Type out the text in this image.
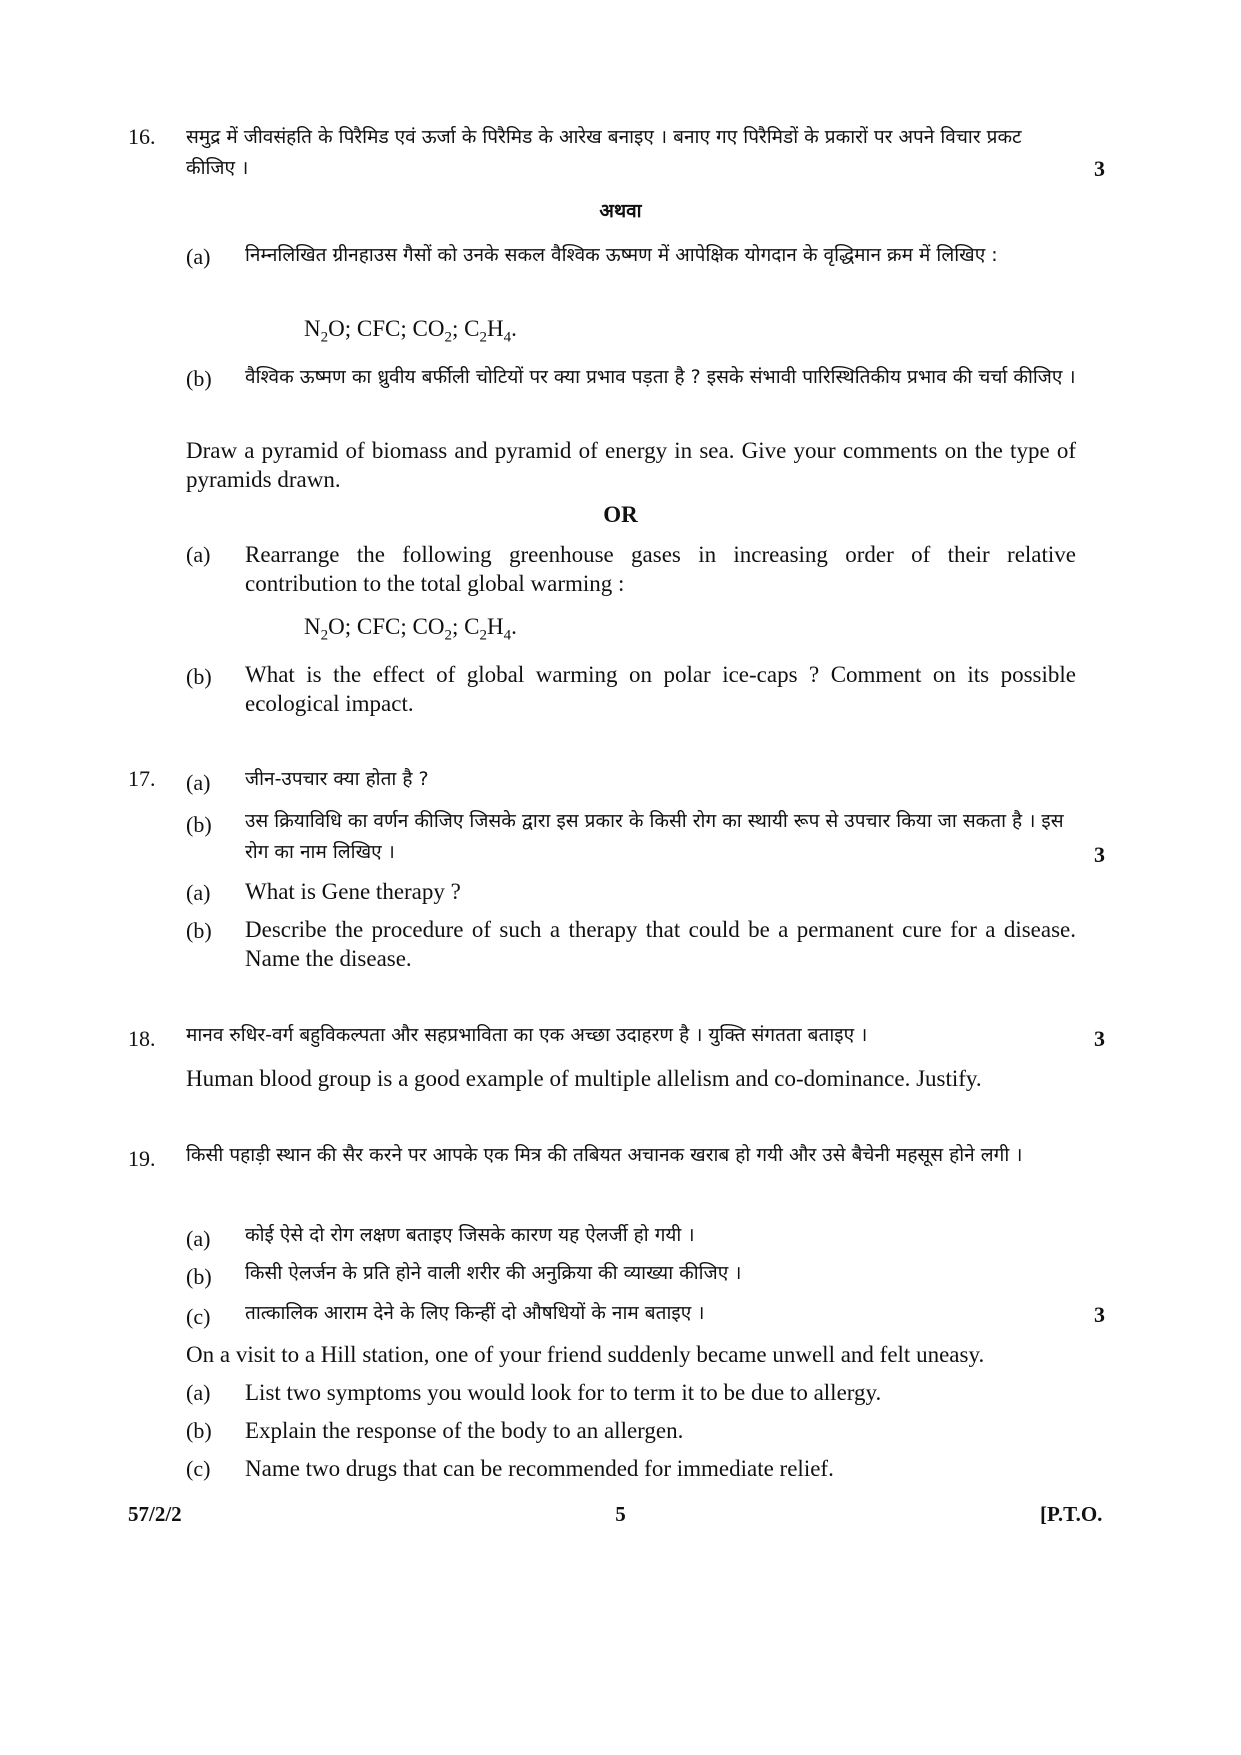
16. समुद्र में जीवसंहति के पिरैमिड एवं ऊर्जा के पिरैमिड के आरेख बनाइए । बनाए गए पिरैमिडों के प्रकारों पर अपने विचार प्रकट कीजिए ।	3
अथवा
(a) निम्नलिखित ग्रीनहाउस गैसों को उनके सकल वैश्विक ऊष्मण में आपेक्षिक योगदान के वृद्धिमान क्रम में लिखिए :
$N_2O$; CFC; $CO_2$; $C_2H_4$.
(b) वैश्विक ऊष्मण का ध्रुवीय बर्फीली चोटियों पर क्या प्रभाव पड़ता है ? इसके संभावी पारिस्थितिकीय प्रभाव की चर्चा कीजिए ।
Draw a pyramid of biomass and pyramid of energy in sea. Give your comments on the type of pyramids drawn.
OR
(a) Rearrange the following greenhouse gases in increasing order of their relative contribution to the total global warming :
$N_2O$; CFC; $CO_2$; $C_2H_4$.
(b) What is the effect of global warming on polar ice-caps ? Comment on its possible ecological impact.
17. (a) जीन-उपचार क्या होता है ?
(b) उस क्रियाविधि का वर्णन कीजिए जिसके द्वारा इस प्रकार के किसी रोग का स्थायी रूप से उपचार किया जा सकता है । इस रोग का नाम लिखिए ।	3
(a) What is Gene therapy ?
(b) Describe the procedure of such a therapy that could be a permanent cure for a disease. Name the disease.
18. मानव रुधिर-वर्ग बहुविकल्पता और सहप्रभाविता का एक अच्छा उदाहरण है । युक्ति संगतता बताइए ।	3
Human blood group is a good example of multiple allelism and co-dominance. Justify.
19. किसी पहाड़ी स्थान की सैर करने पर आपके एक मित्र की तबियत अचानक खराब हो गयी और उसे बैचेनी महसूस होने लगी ।
(a) कोई ऐसे दो रोग लक्षण बताइए जिसके कारण यह ऐलर्जी हो गयी ।
(b) किसी ऐलर्जन के प्रति होने वाली शरीर की अनुक्रिया की व्याख्या कीजिए ।
(c) तात्कालिक आराम देने के लिए किन्हीं दो औषधियों के नाम बताइए ।	3
On a visit to a Hill station, one of your friend suddenly became unwell and felt uneasy.
(a) List two symptoms you would look for to term it to be due to allergy.
(b) Explain the response of the body to an allergen.
(c) Name two drugs that can be recommended for immediate relief.
57/2/2	5	[P.T.O.
